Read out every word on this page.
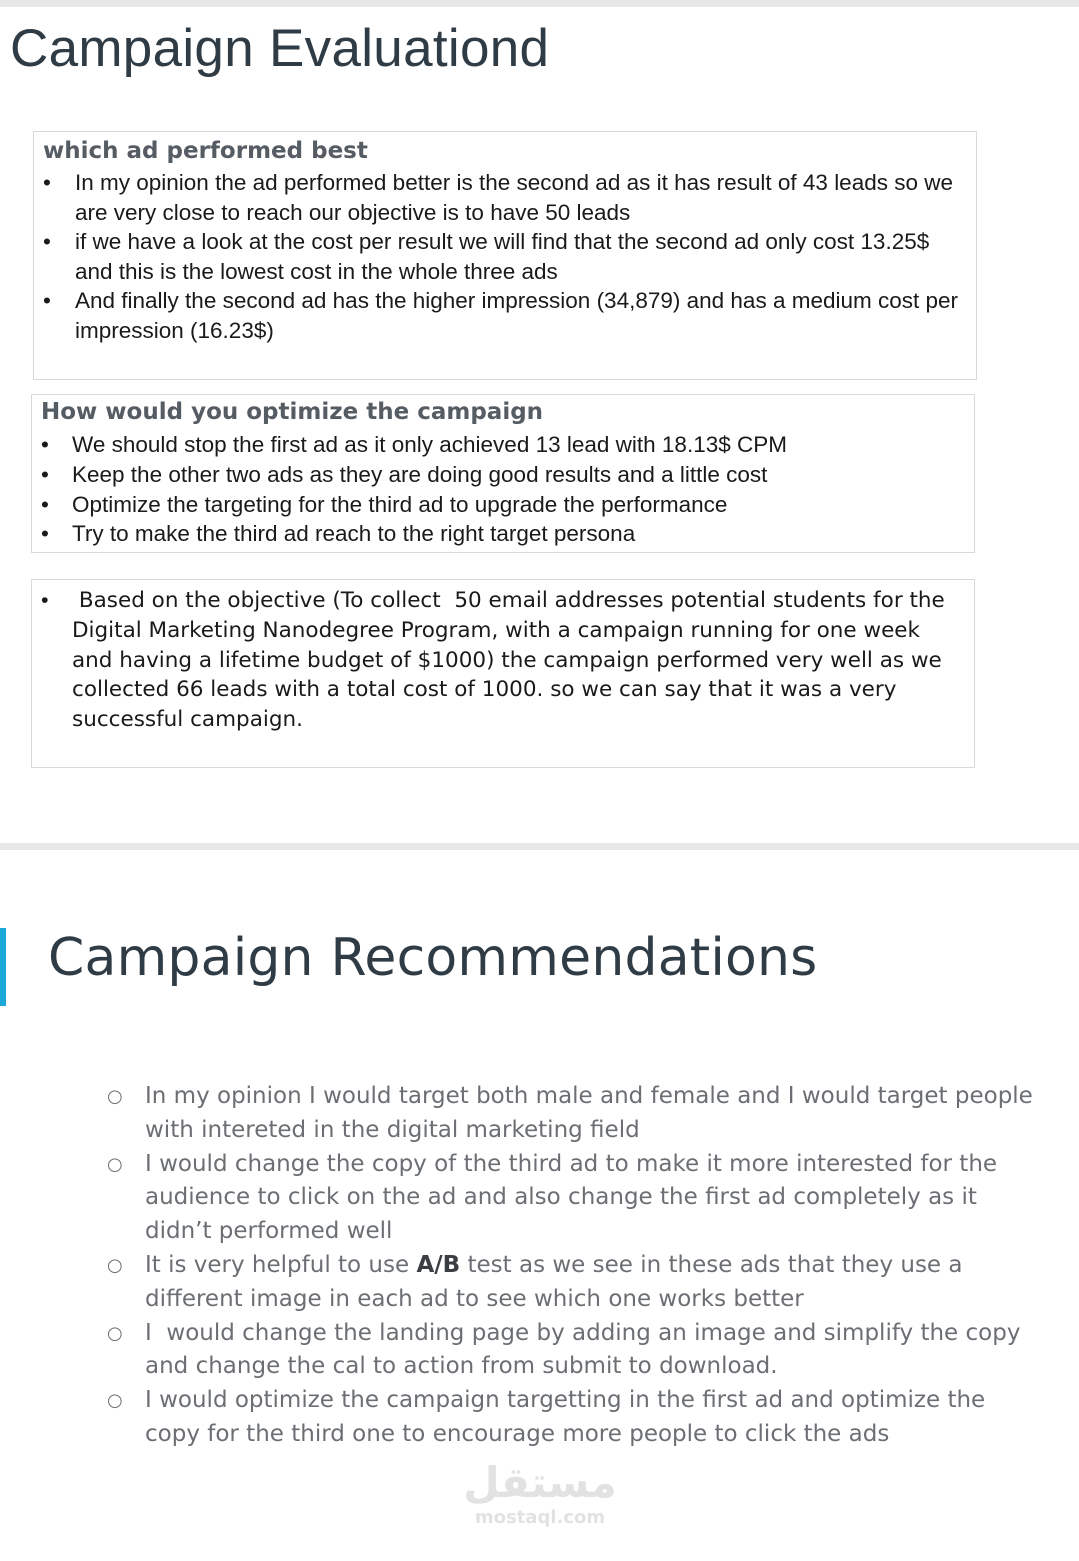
Campaign Evaluationd
which ad performed best
• In my opinion the ad performed better is the second ad as it has result of 43 leads so we are very close to reach our objective is to have 50 leads
• if we have a look at the cost per result we will find that the second ad only cost 13.25$ and this is the lowest cost in the whole three ads
• And finally the second ad has the higher impression (34,879) and has a medium cost per impression (16.23$)
How would you optimize the campaign
• We should stop the first ad as it only achieved 13 lead with 18.13$ CPM
• Keep the other two ads as they are doing good results and a little cost
• Optimize the targeting for the third ad to upgrade the performance
• Try to make the third ad reach to the right target persona
• Based on the objective (To collect  50 email addresses potential students for the Digital Marketing Nanodegree Program, with a campaign running for one week and having a lifetime budget of $1000) the campaign performed very well as we collected 66 leads with a total cost of 1000. so we can say that it was a very successful campaign.
Campaign Recommendations
○ In my opinion I would target both male and female and I would target people with intereted in the digital marketing field
○ I would change the copy of the third ad to make it more interested for the audience to click on the ad and also change the first ad completely as it didn’t performed well
○ It is very helpful to use A/B test as we see in these ads that they use a different image in each ad to see which one works better
○ I  would change the landing page by adding an image and simplify the copy and change the cal to action from submit to download.
○ I would optimize the campaign targetting in the first ad and optimize the copy for the third one to encourage more people to click the ads
مستقل
mostaql.com
